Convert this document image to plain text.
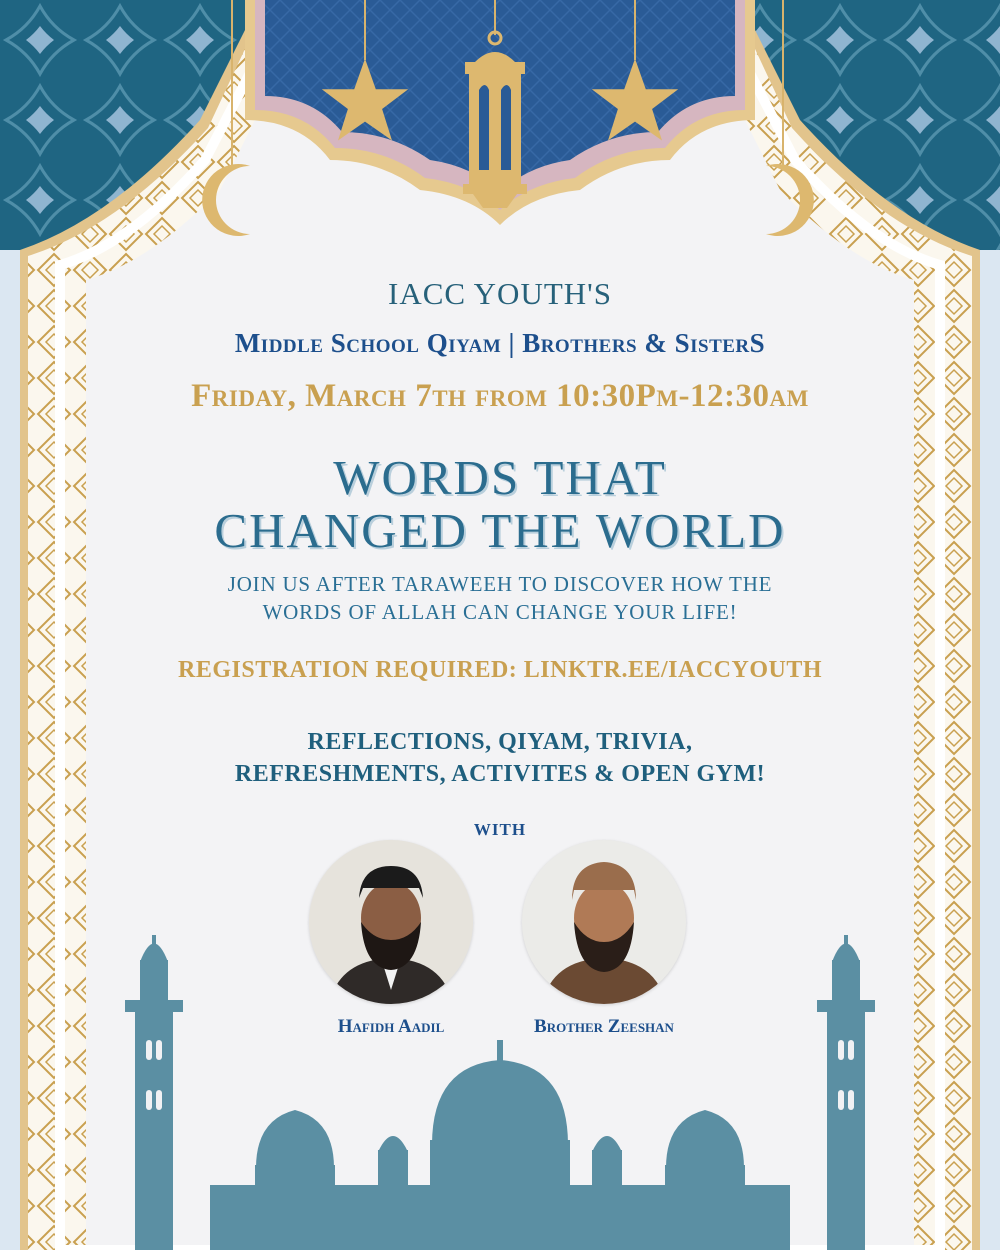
IACC YOUTH'S
Middle School Qiyam | Brothers & SisterS
Friday, March 7th from 10:30Pm-12:30am
WORDS THAT
CHANGED THE WORLD
JOIN US AFTER TARAWEEH TO DISCOVER HOW THE
WORDS OF ALLAH CAN CHANGE YOUR LIFE!
REGISTRATION REQUIRED: LINKTR.EE/IACCYOUTH
REFLECTIONS, QIYAM, TRIVIA,
REFRESHMENTS, ACTIVITES & OPEN GYM!
WITH
Hafidh Aadil	Brother Zeeshan
